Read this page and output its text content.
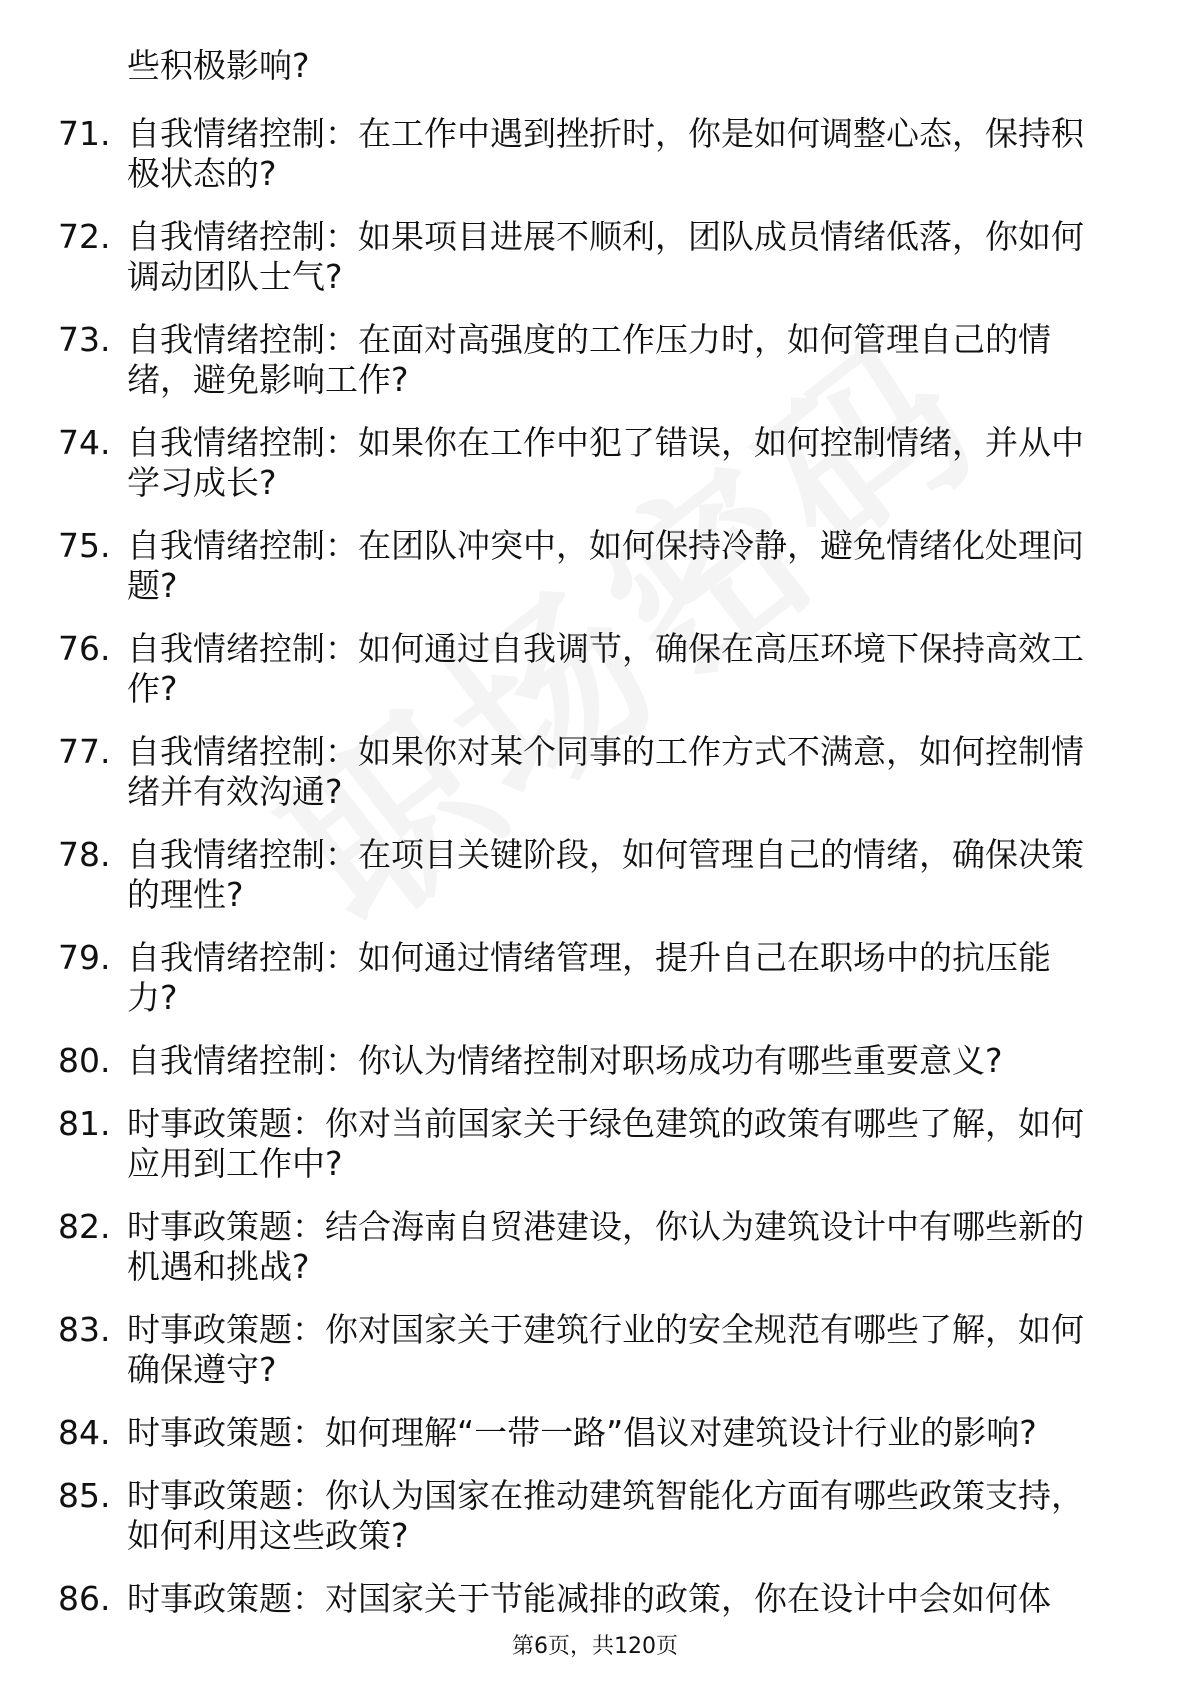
些积极影响?
71. 自我情绪控制：在工作中遇到挫折时，你是如何调整心态，保持积极状态的?
72. 自我情绪控制：如果项目进展不顺利，团队成员情绪低落，你如何调动团队士气?
73. 自我情绪控制：在面对高强度的工作压力时，如何管理自己的情绪，避免影响工作?
74. 自我情绪控制：如果你在工作中犯了错误，如何控制情绪，并从中学习成长?
75. 自我情绪控制：在团队冲突中，如何保持冷静，避免情绪化处理问题?
76. 自我情绪控制：如何通过自我调节，确保在高压环境下保持高效工作?
77. 自我情绪控制：如果你对某个同事的工作方式不满意，如何控制情绪并有效沟通?
78. 自我情绪控制：在项目关键阶段，如何管理自己的情绪，确保决策的理性?
79. 自我情绪控制：如何通过情绪管理，提升自己在职场中的抗压能力?
80. 自我情绪控制：你认为情绪控制对职场成功有哪些重要意义?
81. 时事政策题：你对当前国家关于绿色建筑的政策有哪些了解，如何应用到工作中?
82. 时事政策题：结合海南自贸港建设，你认为建筑设计中有哪些新的机遇和挑战?
83. 时事政策题：你对国家关于建筑行业的安全规范有哪些了解，如何确保遵守?
84. 时事政策题：如何理解“一带一路”倡议对建筑设计行业的影响?
85. 时事政策题：你认为国家在推动建筑智能化方面有哪些政策支持，如何利用这些政策?
86. 时事政策题：对国家关于节能减排的政策，你在设计中会如何体
第6页，共120页
